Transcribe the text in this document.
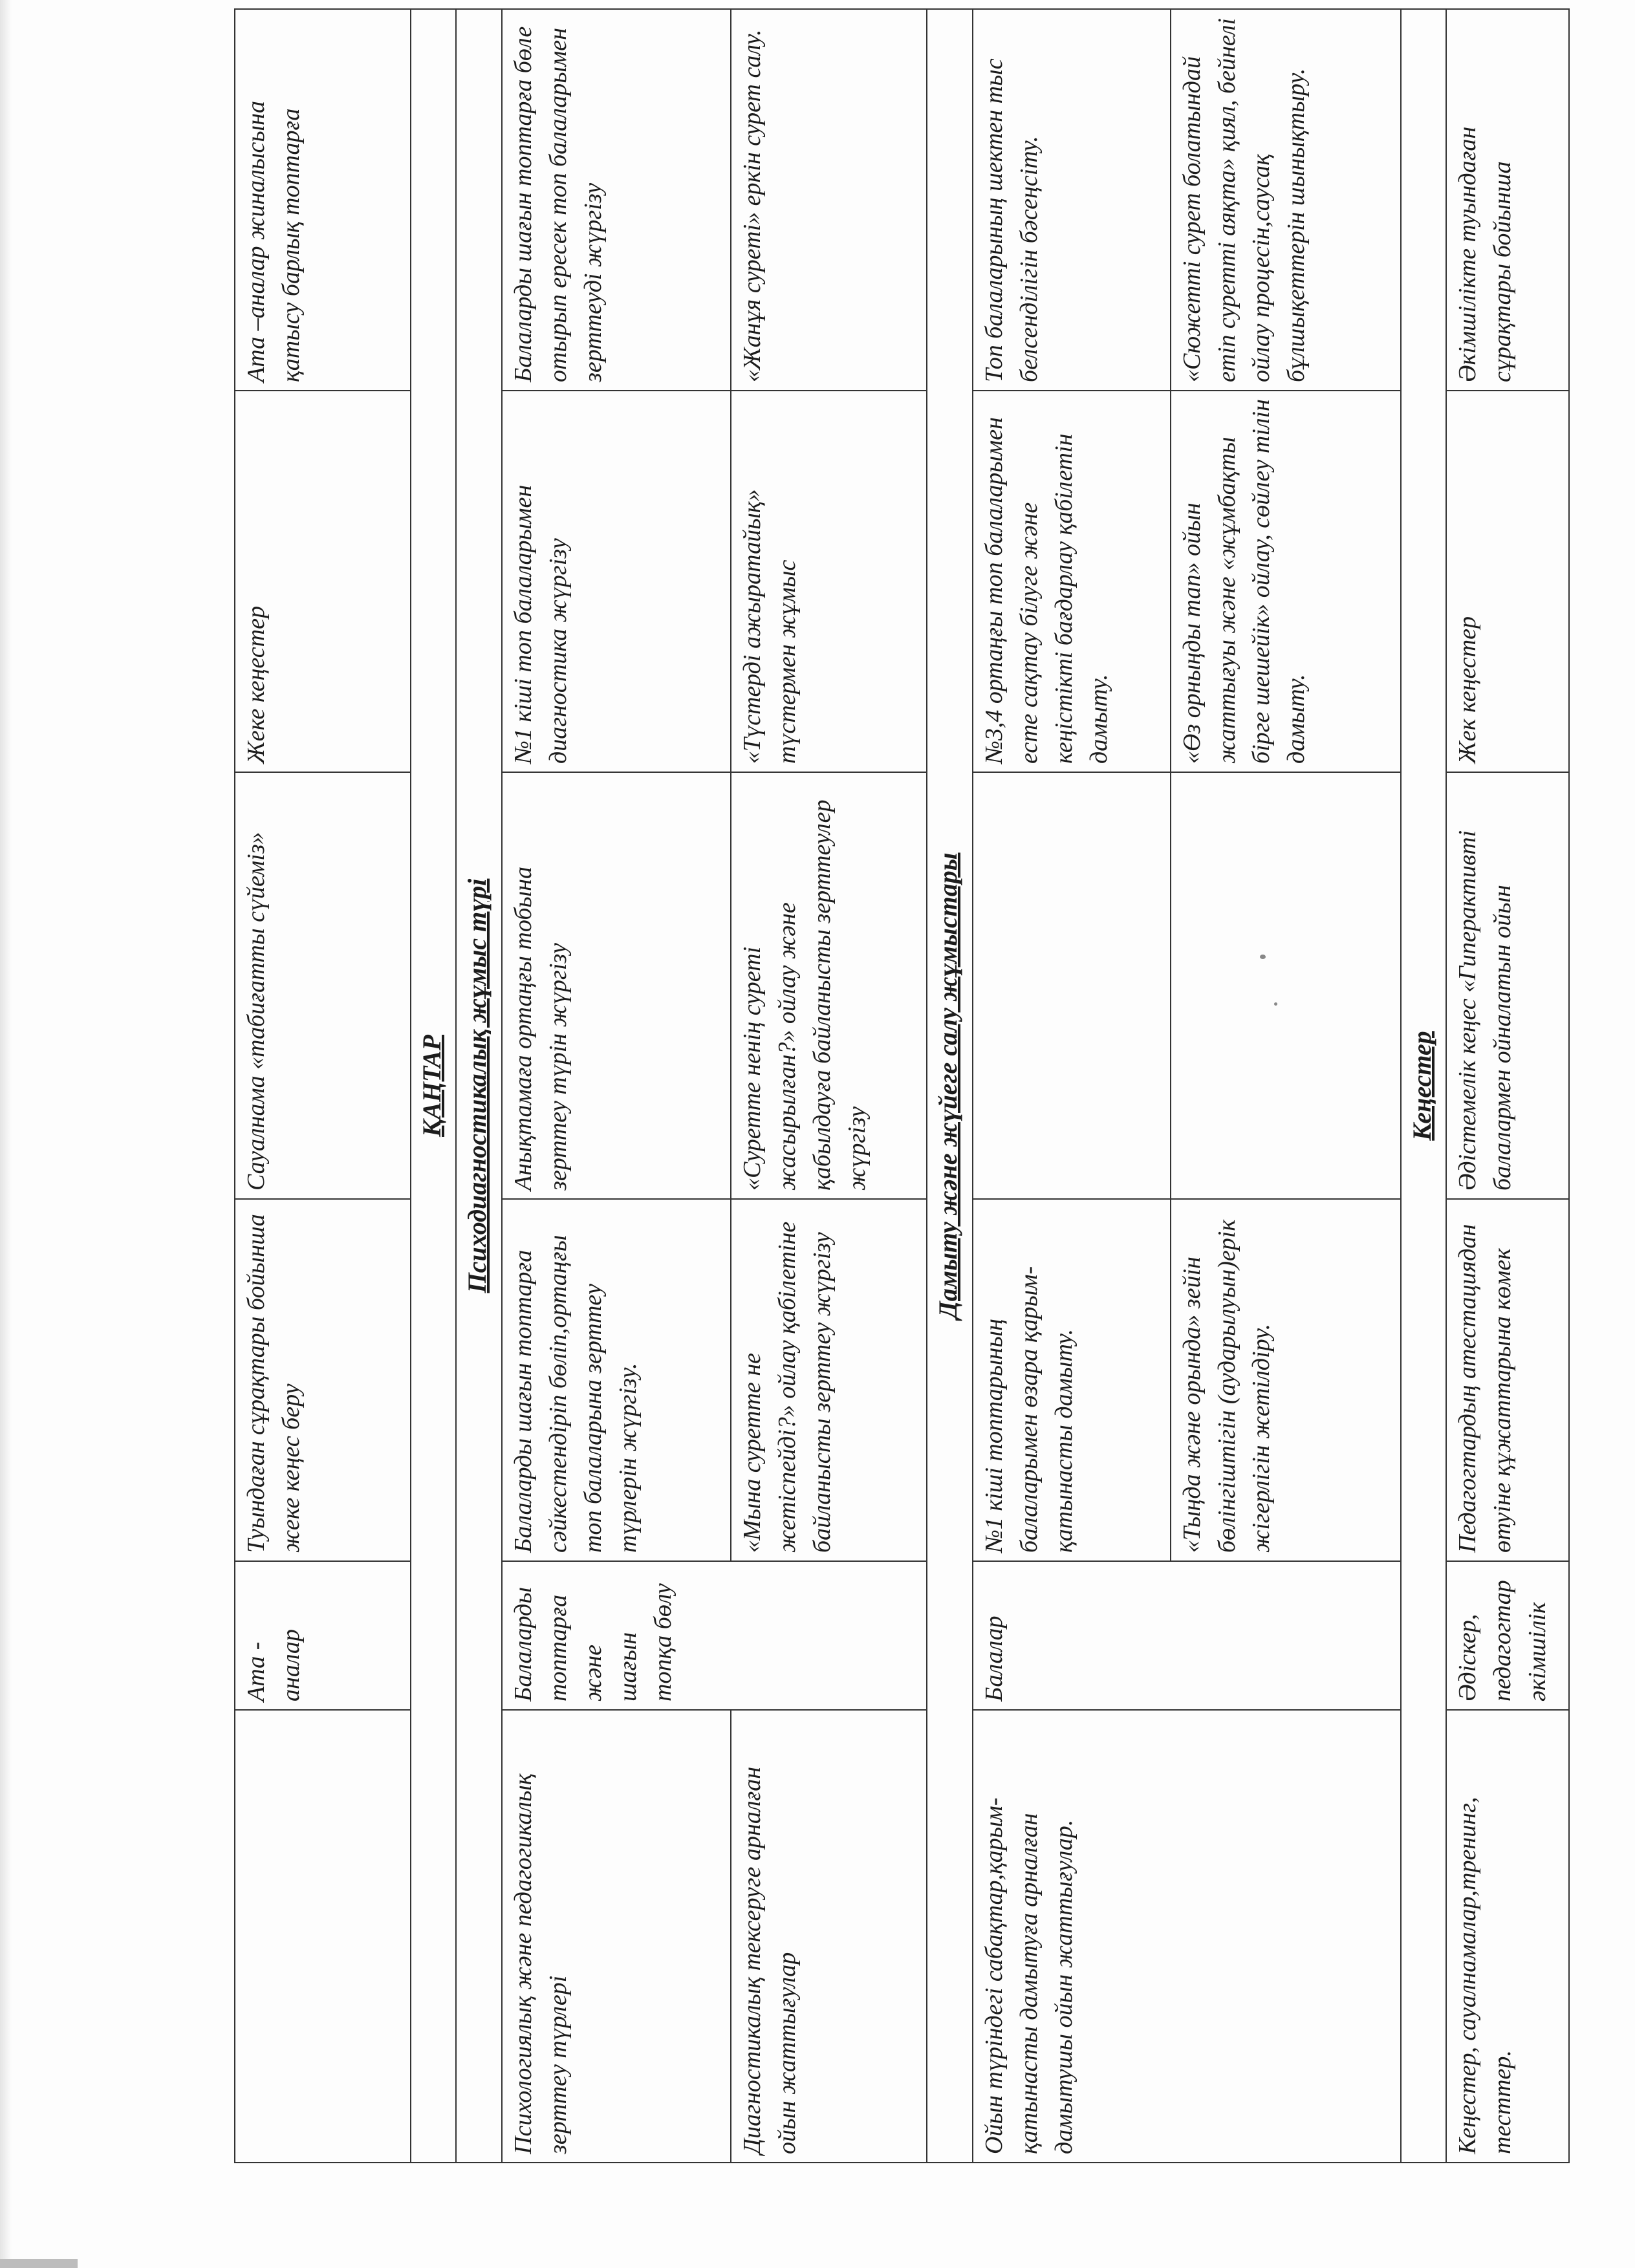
	Ата - аналар	Туындаған сұрақтары бойынша жеке кеңес беру	Сауалнама «табиғатты сүйеміз»	Жеке кеңестер	Ата –аналар жиналысына қатысу барлық топтарға
ҚАҢТАР					
Психодиагностикалық жұмыс түрі					
Психологиялық және педагогикалық зерттеу түрлері	Балаларды топтарға және шағын топқа бөлу	Балаларды шағын топтарға сәйкестендіріп бөліп,ортаңғы топ балаларына зерттеу түрлерін жүргізу.	Анықтамаға ортаңғы тобына зерттеу түрін жүргізу	№1 кіші топ балаларымен диагностика жүргізу	Балаларды шағын топтарға бөле отырып ересек топ балаларымен зерттеуді жүргізу
Диагностикалық тексеруге арналған ойын жаттығулар		«Мына суретте не жетіспейді?» ойлау қабілетіне байланысты зерттеу жүргізу	«Суретте ненің суреті жасырылған?» ойлау және қабылдауға байланысты зерттеулер жүргізу	«Түстерді ажыратайық» түстермен жұмыс	«Жанұя суреті» еркін сурет салу.
Дамыту және жүйеге салу жұмыстары					
Ойын түріндегі сабақтар,қарым-қатынасты дамытуға арналған дамытушы ойын жаттығулар.	Балалар	№1 кіші топтарының балаларымен өзара қарым-қатынасты дамыту.		№3,4 ортаңғы топ балаларымен есте сақтау білуге және кеңістікті бағдарлау қабілетін дамыту.	Топ балаларының шектен тыс белсенділігін бәсеңсіту.
		«Тыңда және орында» зейін бөлінгіштігін (аударылуын)ерік жігерлігін жетілдіру.		«Өз орныңды тап» ойын жаттығуы және «жұмбақты бірге шешейік» ойлау, сөйлеу тілін дамыту.	«Сюжетті сурет болатындай етіп суретті аяқта» қиял, бейнелі ойлау процесін,саусақ бұлшықеттерін шынықтыру.
Кеңестер					
Кеңестер, сауалнамалар,тренинг, тесттер.	Әдіскер, педагогтар әкімшілік	Педагогтардың атестациядан өтуіне құжаттарына көмек	Әдістемелік кеңес «Гиперактивті балалармен ойналатын ойын	Жек кеңестер	Әкімшілікте туындаған сұрақтары бойынша
